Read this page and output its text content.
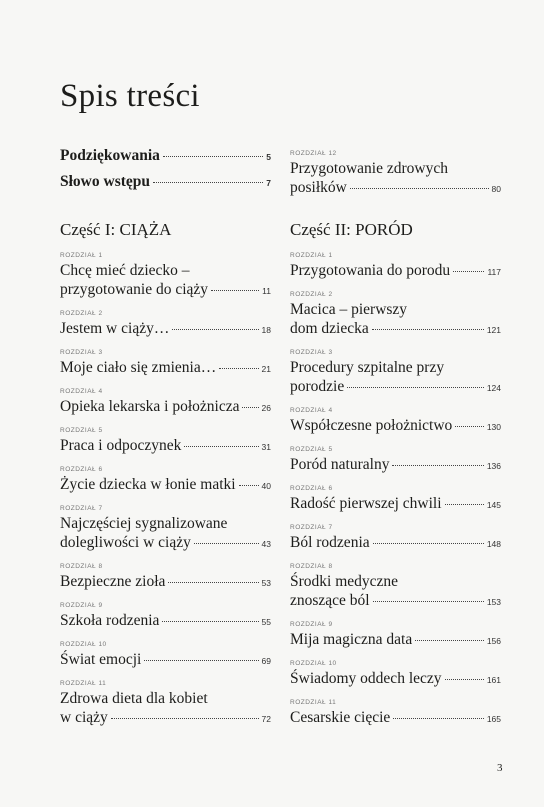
Spis treści
Podziękowania	5
Słowo wstępu	7
Część I: CIĄŻA
ROZDZIAŁ 1
Chcę mieć dziecko –
przygotowanie do ciąży	11
ROZDZIAŁ 2
Jestem w ciąży…	18
ROZDZIAŁ 3
Moje ciało się zmienia…	21
ROZDZIAŁ 4
Opieka lekarska i położnicza	26
ROZDZIAŁ 5
Praca i odpoczynek	31
ROZDZIAŁ 6
Życie dziecka w łonie matki	40
ROZDZIAŁ 7
Najczęściej sygnalizowane
dolegliwości w ciąży	43
ROZDZIAŁ 8
Bezpieczne zioła	53
ROZDZIAŁ 9
Szkoła rodzenia	55
ROZDZIAŁ 10
Świat emocji	69
ROZDZIAŁ 11
Zdrowa dieta dla kobiet
w ciąży	72
ROZDZIAŁ 12
Przygotowanie zdrowych
posiłków	80
Część II: PORÓD
ROZDZIAŁ 1
Przygotowania do porodu	117
ROZDZIAŁ 2
Macica – pierwszy
dom dziecka	121
ROZDZIAŁ 3
Procedury szpitalne przy
porodzie	124
ROZDZIAŁ 4
Współczesne położnictwo	130
ROZDZIAŁ 5
Poród naturalny	136
ROZDZIAŁ 6
Radość pierwszej chwili	145
ROZDZIAŁ 7
Ból rodzenia	148
ROZDZIAŁ 8
Środki medyczne
znoszące ból	153
ROZDZIAŁ 9
Mija magiczna data	156
ROZDZIAŁ 10
Świadomy oddech leczy	161
ROZDZIAŁ 11
Cesarskie cięcie	165
3
